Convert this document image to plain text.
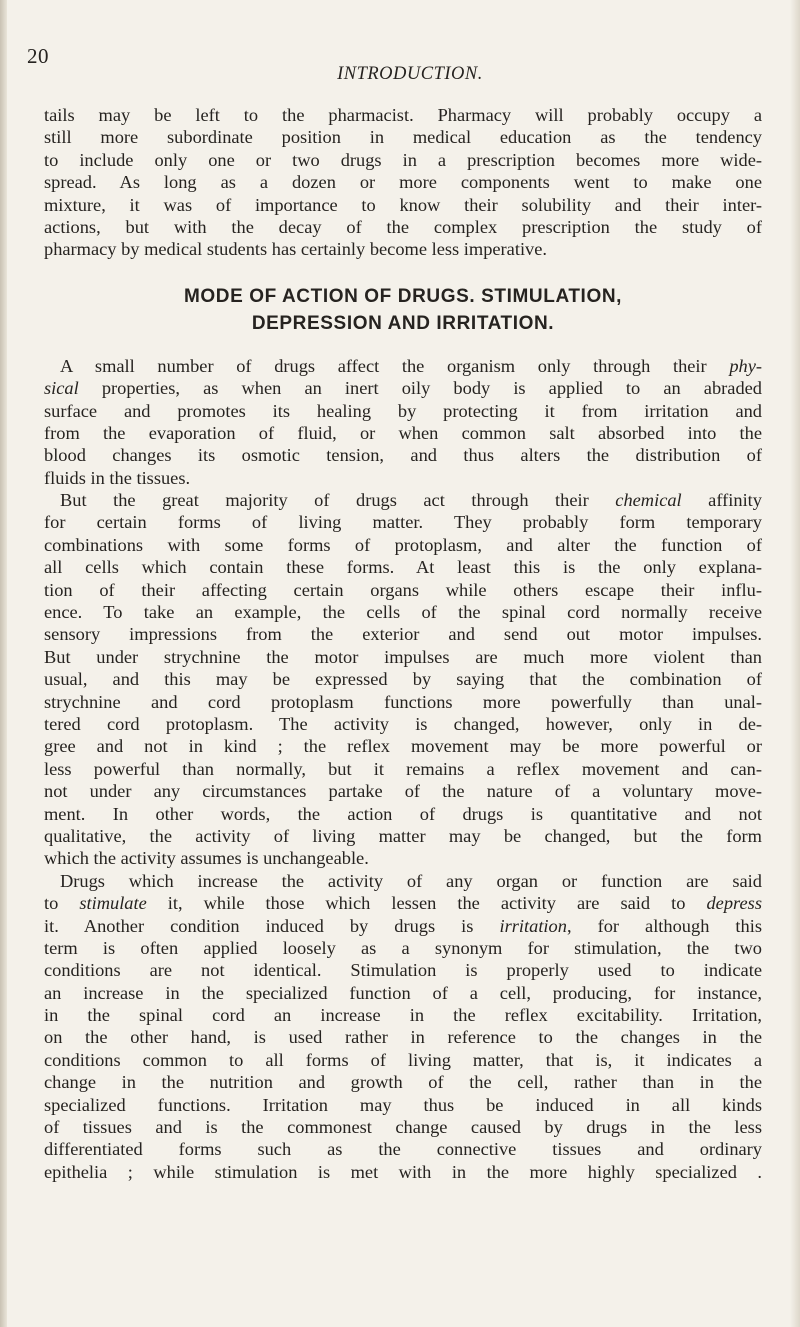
20
INTRODUCTION.
tails may be left to the pharmacist. Pharmacy will probably occupy a
still more subordinate position in medical education as the tendency
to include only one or two drugs in a prescription becomes more wide-
spread. As long as a dozen or more components went to make one
mixture, it was of importance to know their solubility and their inter-
actions, but with the decay of the complex prescription the study of
pharmacy by medical students has certainly become less imperative.
MODE OF ACTION OF DRUGS. STIMULATION,
DEPRESSION AND IRRITATION.
A small number of drugs affect the organism only through their phy-
sical properties, as when an inert oily body is applied to an abraded
surface and promotes its healing by protecting it from irritation and
from the evaporation of fluid, or when common salt absorbed into the
blood changes its osmotic tension, and thus alters the distribution of
fluids in the tissues.
But the great majority of drugs act through their chemical affinity
for certain forms of living matter. They probably form temporary
combinations with some forms of protoplasm, and alter the function of
all cells which contain these forms. At least this is the only explana-
tion of their affecting certain organs while others escape their influ-
ence. To take an example, the cells of the spinal cord normally receive
sensory impressions from the exterior and send out motor impulses.
But under strychnine the motor impulses are much more violent than
usual, and this may be expressed by saying that the combination of
strychnine and cord protoplasm functions more powerfully than unal-
tered cord protoplasm. The activity is changed, however, only in de-
gree and not in kind ; the reflex movement may be more powerful or
less powerful than normally, but it remains a reflex movement and can-
not under any circumstances partake of the nature of a voluntary move-
ment. In other words, the action of drugs is quantitative and not
qualitative, the activity of living matter may be changed, but the form
which the activity assumes is unchangeable.
Drugs which increase the activity of any organ or function are said
to stimulate it, while those which lessen the activity are said to depress
it. Another condition induced by drugs is irritation, for although this
term is often applied loosely as a synonym for stimulation, the two
conditions are not identical. Stimulation is properly used to indicate
an increase in the specialized function of a cell, producing, for instance,
in the spinal cord an increase in the reflex excitability. Irritation,
on the other hand, is used rather in reference to the changes in the
conditions common to all forms of living matter, that is, it indicates a
change in the nutrition and growth of the cell, rather than in the
specialized functions. Irritation may thus be induced in all kinds
of tissues and is the commonest change caused by drugs in the less
differentiated forms such as the connective tissues and ordinary
epithelia ; while stimulation is met with in the more highly specialized .
